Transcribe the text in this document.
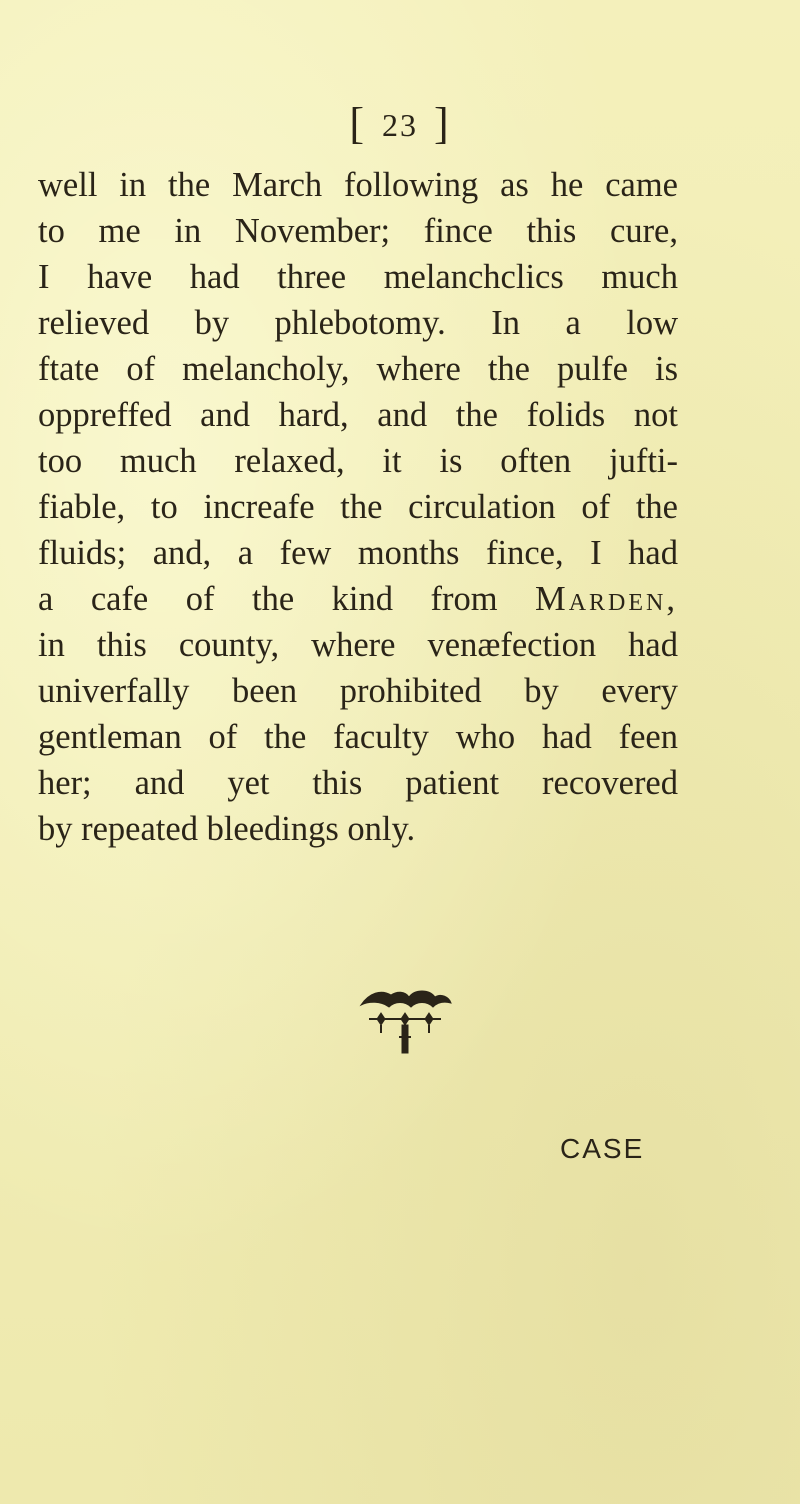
[ 23 ]
well in the March following as he came
to me in November; fince this cure,
I have had three melanchclics much
relieved by phlebotomy. In a low
ftate of melancholy, where the pulfe is
oppreffed and hard, and the folids not
too much relaxed, it is often jufti-
fiable, to increafe the circulation of the
fluids; and, a few months fince, I had
a cafe of the kind from Marden,
in this county, where venæfection had
univerfally been prohibited by every
gentleman of the faculty who had feen
her; and yet this patient recovered
by repeated bleedings only.
CASE
